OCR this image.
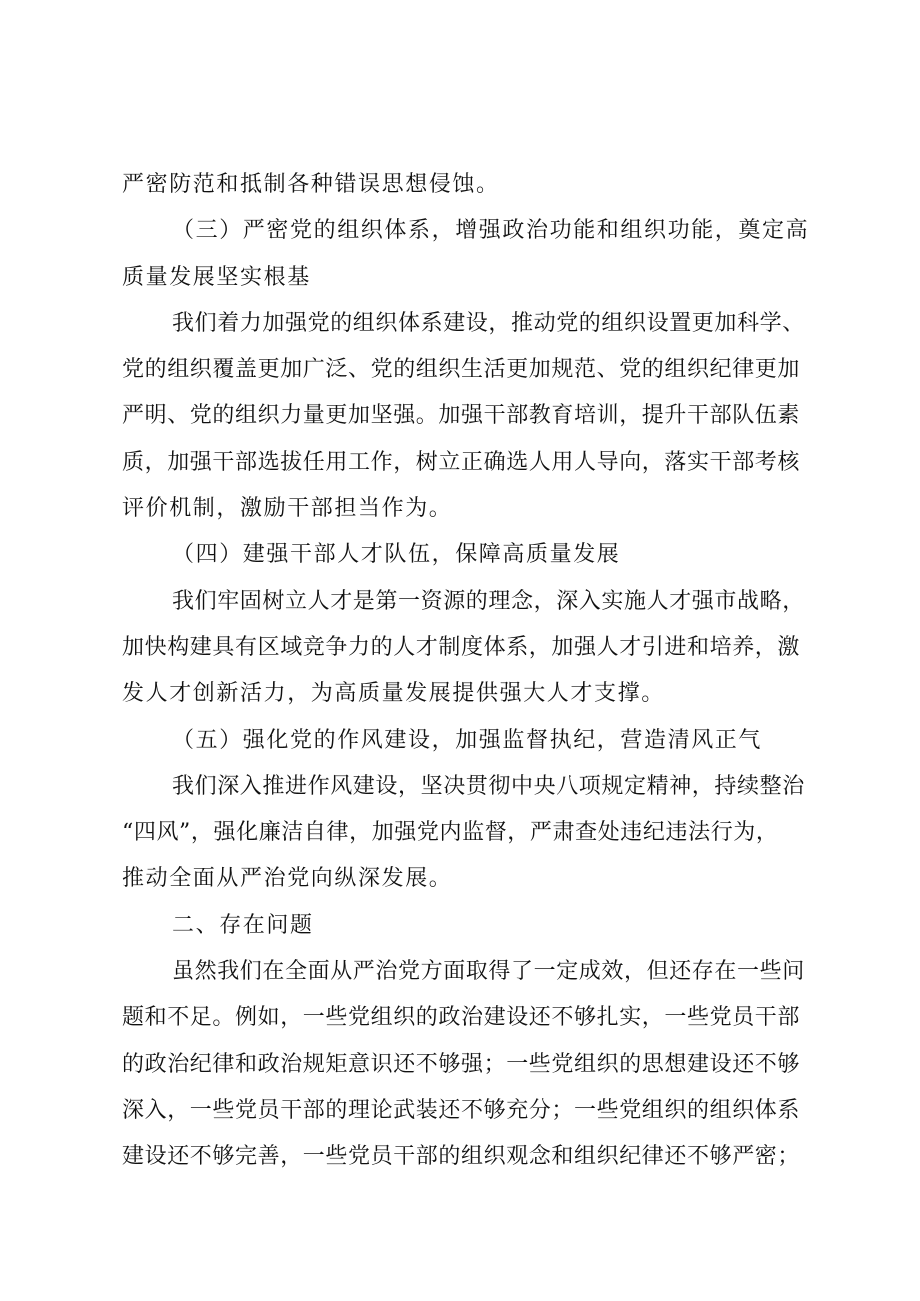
严密防范和抵制各种错误思想侵蚀。
（三）严密党的组织体系，增强政治功能和组织功能，奠定高
质量发展坚实根基
我们着力加强党的组织体系建设，推动党的组织设置更加科学、
党的组织覆盖更加广泛、党的组织生活更加规范、党的组织纪律更加
严明、党的组织力量更加坚强。加强干部教育培训，提升干部队伍素
质，加强干部选拔任用工作，树立正确选人用人导向，落实干部考核
评价机制，激励干部担当作为。
（四）建强干部人才队伍，保障高质量发展
我们牢固树立人才是第一资源的理念，深入实施人才强市战略，
加快构建具有区域竞争力的人才制度体系，加强人才引进和培养，激
发人才创新活力，为高质量发展提供强大人才支撑。
（五）强化党的作风建设，加强监督执纪，营造清风正气
我们深入推进作风建设，坚决贯彻中央八项规定精神，持续整治
“四风”，强化廉洁自律，加强党内监督，严肃查处违纪违法行为，
推动全面从严治党向纵深发展。
二、存在问题
虽然我们在全面从严治党方面取得了一定成效，但还存在一些问
题和不足。例如，一些党组织的政治建设还不够扎实，一些党员干部
的政治纪律和政治规矩意识还不够强；一些党组织的思想建设还不够
深入，一些党员干部的理论武装还不够充分；一些党组织的组织体系
建设还不够完善，一些党员干部的组织观念和组织纪律还不够严密；
